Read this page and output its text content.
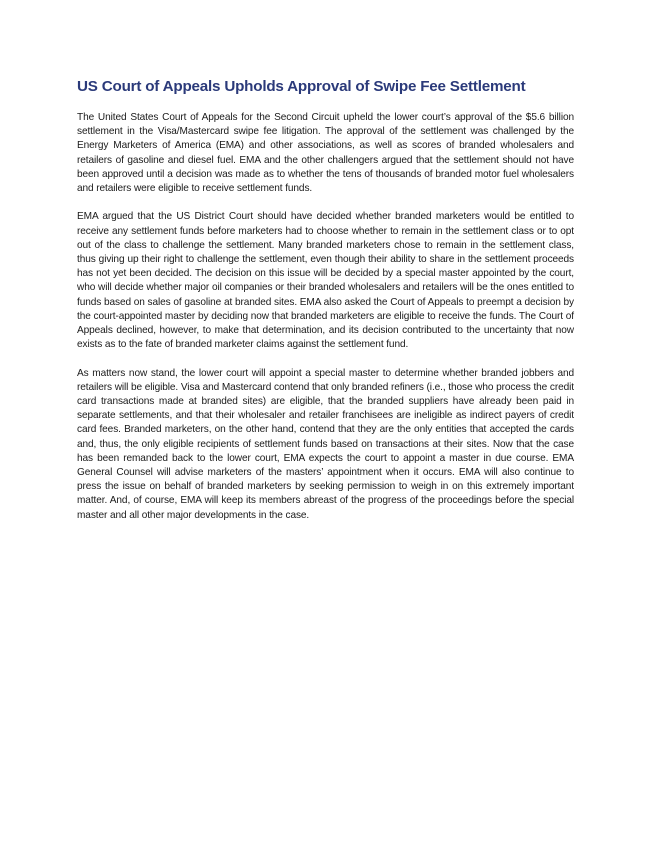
US Court of Appeals Upholds Approval of Swipe Fee Settlement

The United States Court of Appeals for the Second Circuit upheld the lower court’s approval of the $5.6 billion settlement in the Visa/Mastercard swipe fee litigation. The approval of the settlement was challenged by the Energy Marketers of America (EMA) and other associations, as well as scores of branded wholesalers and retailers of gasoline and diesel fuel. EMA and the other challengers argued that the settlement should not have been approved until a decision was made as to whether the tens of thousands of branded motor fuel wholesalers and retailers were eligible to receive settlement funds.

EMA argued that the US District Court should have decided whether branded marketers would be entitled to receive any settlement funds before marketers had to choose whether to remain in the settlement class or to opt out of the class to challenge the settlement. Many branded marketers chose to remain in the settlement class, thus giving up their right to challenge the settlement, even though their ability to share in the settlement proceeds has not yet been decided. The decision on this issue will be decided by a special master appointed by the court, who will decide whether major oil companies or their branded wholesalers and retailers will be the ones entitled to funds based on sales of gasoline at branded sites. EMA also asked the Court of Appeals to preempt a decision by the court-appointed master by deciding now that branded marketers are eligible to receive the funds. The Court of Appeals declined, however, to make that determination, and its decision contributed to the uncertainty that now exists as to the fate of branded marketer claims against the settlement fund.

As matters now stand, the lower court will appoint a special master to determine whether branded jobbers and retailers will be eligible. Visa and Mastercard contend that only branded refiners (i.e., those who process the credit card transactions made at branded sites) are eligible, that the branded suppliers have already been paid in separate settlements, and that their wholesaler and retailer franchisees are ineligible as indirect payers of credit card fees. Branded marketers, on the other hand, contend that they are the only entities that accepted the cards and, thus, the only eligible recipients of settlement funds based on transactions at their sites. Now that the case has been remanded back to the lower court, EMA expects the court to appoint a master in due course. EMA General Counsel will advise marketers of the masters’ appointment when it occurs. EMA will also continue to press the issue on behalf of branded marketers by seeking permission to weigh in on this extremely important matter. And, of course, EMA will keep its members abreast of the progress of the proceedings before the special master and all other major developments in the case.
